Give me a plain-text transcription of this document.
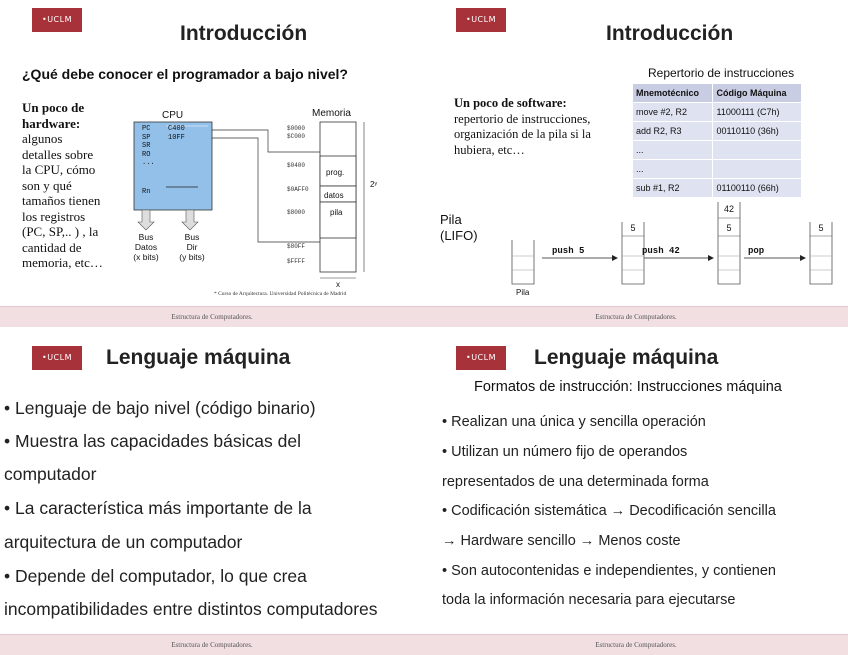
•UCLM
Introducción
¿Qué debe conocer el programador a bajo nivel?
Un poco de hardware:
algunos
detalles sobre
la CPU, cómo
son y qué
tamaños tienen
los registros
(PC, SP,.. ) , la
cantidad de
memoria, etc…
CPU
PC
SP
SR
RO
...
Rn
C400
10FF
Bus
Datos
(x bits)
Bus
Dir
(y bits)
Memoria
$0000
$C000
$0400
$0AFF0
$8000
$80FF
$FFFF
prog.
datos
pila
2ʸ
x
* Curso de Arquitectura. Universidad Politécnica de Madrid
Estructura de Computadores.
•UCLM
Introducción
Un poco de software:
repertorio de instrucciones,
organización de la pila si la
hubiera, etc…
Repertorio de instrucciones
Mnemotécnico	Código Máquina
move #2, R2	11000111 (C7h)
add R2, R3	00110110 (36h)
...	
...	
sub #1, R2	01100110 (66h)
Pila
(LIFO)
push 5	push 42	pop
5	5
42
5
Pila
Estructura de Computadores.
•UCLM	Lenguaje máquina
• Lenguaje de bajo nivel (código binario)
• Muestra las capacidades básicas del
computador
• La característica más importante de la
arquitectura de un computador
• Depende del computador, lo que crea
incompatibilidades entre distintos computadores
Estructura de Computadores.
•UCLM	Lenguaje máquina
Formatos de instrucción: Instrucciones máquina
• Realizan una única y sencilla operación
• Utilizan un número fijo de operandos
representados de una determinada forma
• Codificación sistemática → Decodificación sencilla
→ Hardware sencillo → Menos coste
• Son autocontenidas e independientes, y contienen
toda la información necesaria para ejecutarse
Estructura de Computadores.
